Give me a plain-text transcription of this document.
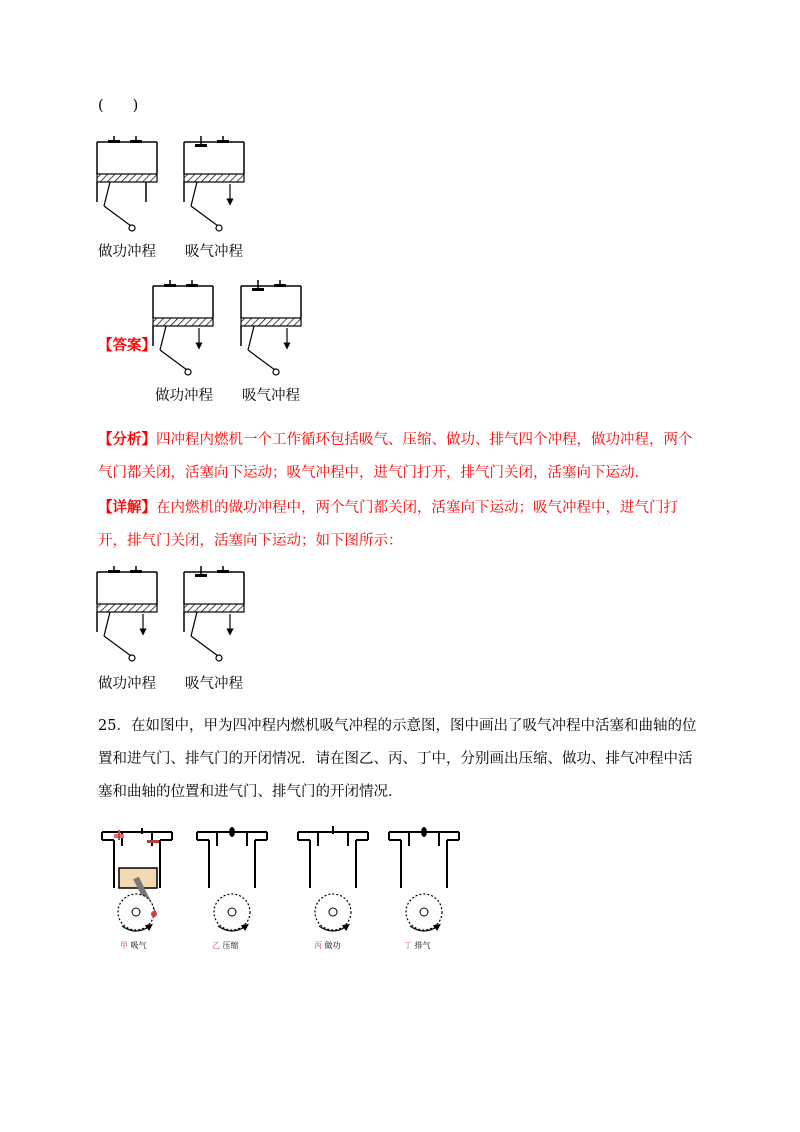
(　　)
做功冲程 吸气冲程
【答案】
做功冲程 吸气冲程
【分析】四冲程内燃机一个工作循环包括吸气、压缩、做功、排气四个冲程，做功冲程，两个气门都关闭，活塞向下运动；吸气冲程中，进气门打开，排气门关闭，活塞向下运动.
【详解】在内燃机的做功冲程中，两个气门都关闭，活塞向下运动；吸气冲程中，进气门打开，排气门关闭，活塞向下运动；如下图所示：
做功冲程 吸气冲程
25．在如图中，甲为四冲程内燃机吸气冲程的示意图，图中画出了吸气冲程中活塞和曲轴的位置和进气门、排气门的开闭情况．请在图乙、丙、丁中，分别画出压缩、做功、排气冲程中活塞和曲轴的位置和进气门、排气门的开闭情况．
甲 吸气	乙 压缩	丙 做功	丁 排气
